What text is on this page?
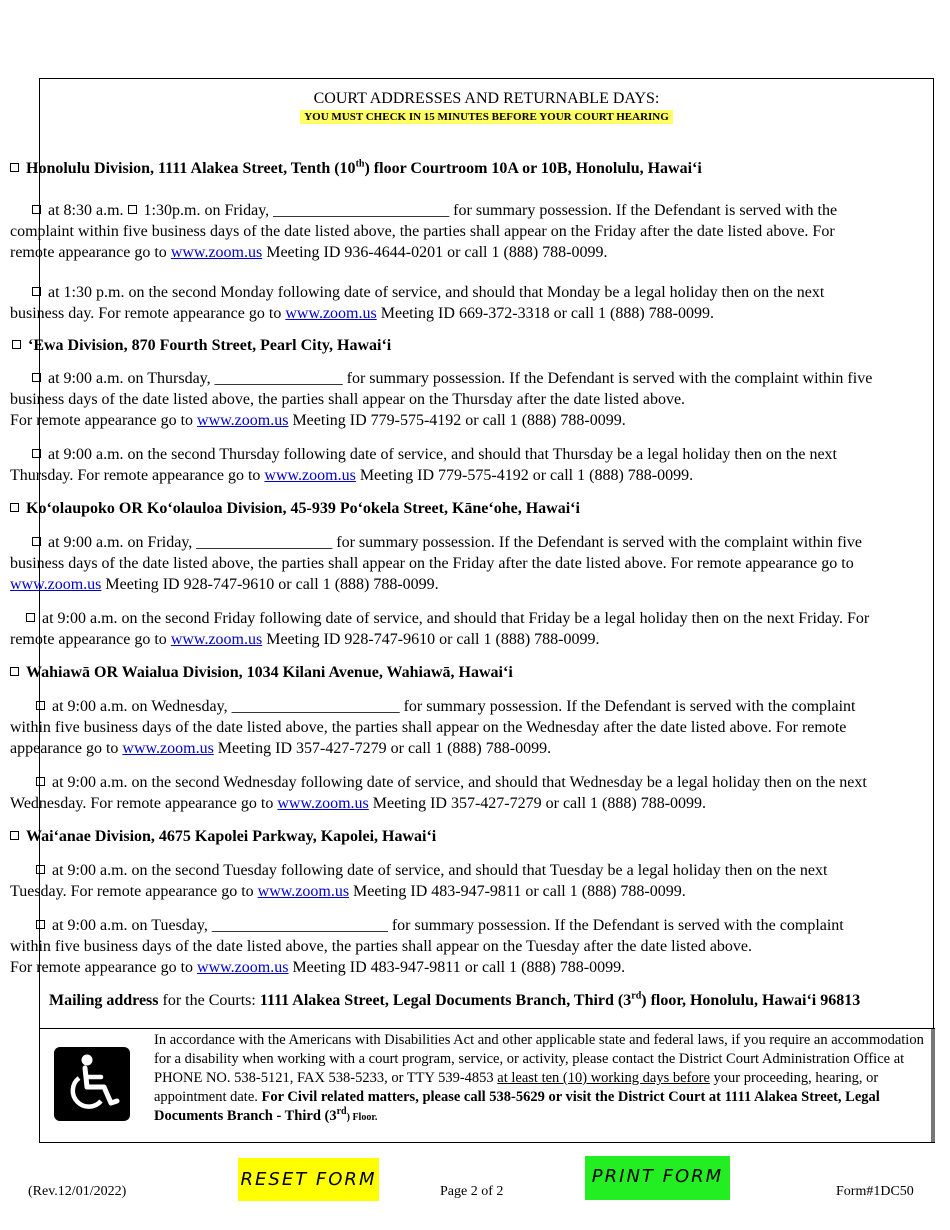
COURT ADDRESSES AND RETURNABLE DAYS:
YOU MUST CHECK IN 15 MINUTES BEFORE YOUR COURT HEARING
Honolulu Division, 1111 Alakea Street, Tenth (10th) floor Courtroom 10A or 10B, Honolulu, Hawaiʻi
at 8:30 a.m. 1:30p.m. on Friday, ______________________ for summary possession. If the Defendant is served with the complaint within five business days of the date listed above, the parties shall appear on the Friday after the date listed above. For remote appearance go to www.zoom.us Meeting ID 936-4644-0201 or call 1 (888) 788-0099.
at 1:30 p.m. on the second Monday following date of service, and should that Monday be a legal holiday then on the next business day. For remote appearance go to www.zoom.us Meeting ID 669-372-3318 or call 1 (888) 788-0099.
ʻEwa Division, 870 Fourth Street, Pearl City, Hawaiʻi
at 9:00 a.m. on Thursday, ________________ for summary possession. If the Defendant is served with the complaint within five business days of the date listed above, the parties shall appear on the Thursday after the date listed above.
For remote appearance go to www.zoom.us Meeting ID 779-575-4192 or call 1 (888) 788-0099.
at 9:00 a.m. on the second Thursday following date of service, and should that Thursday be a legal holiday then on the next Thursday. For remote appearance go to www.zoom.us Meeting ID 779-575-4192 or call 1 (888) 788-0099.
Koʻolaupoko OR Koʻolauloa Division, 45-939 Poʻokela Street, Kāneʻohe, Hawaiʻi
at 9:00 a.m. on Friday, _________________ for summary possession. If the Defendant is served with the complaint within five business days of the date listed above, the parties shall appear on the Friday after the date listed above. For remote appearance go to www.zoom.us Meeting ID 928-747-9610 or call 1 (888) 788-0099.
at 9:00 a.m. on the second Friday following date of service, and should that Friday be a legal holiday then on the next Friday. For remote appearance go to www.zoom.us Meeting ID 928-747-9610 or call 1 (888) 788-0099.
Wahiawā OR Waialua Division, 1034 Kilani Avenue, Wahiawā, Hawaiʻi
at 9:00 a.m. on Wednesday, _____________________ for summary possession. If the Defendant is served with the complaint within five business days of the date listed above, the parties shall appear on the Wednesday after the date listed above. For remote appearance go to www.zoom.us Meeting ID 357-427-7279 or call 1 (888) 788-0099.
at 9:00 a.m. on the second Wednesday following date of service, and should that Wednesday be a legal holiday then on the next Wednesday. For remote appearance go to www.zoom.us Meeting ID 357-427-7279 or call 1 (888) 788-0099.
Waiʻanae Division, 4675 Kapolei Parkway, Kapolei, Hawaiʻi
at 9:00 a.m. on the second Tuesday following date of service, and should that Tuesday be a legal holiday then on the next Tuesday. For remote appearance go to www.zoom.us Meeting ID 483-947-9811 or call 1 (888) 788-0099.
at 9:00 a.m. on Tuesday, ______________________ for summary possession. If the Defendant is served with the complaint within five business days of the date listed above, the parties shall appear on the Tuesday after the date listed above.
For remote appearance go to www.zoom.us Meeting ID 483-947-9811 or call 1 (888) 788-0099.
Mailing address for the Courts: 1111 Alakea Street, Legal Documents Branch, Third (3rd) floor, Honolulu, Hawaiʻi 96813
In accordance with the Americans with Disabilities Act and other applicable state and federal laws, if you require an accommodation for a disability when working with a court program, service, or activity, please contact the District Court Administration Office at PHONE NO. 538-5121, FAX 538-5233, or TTY 539-4853 at least ten (10) working days before your proceeding, hearing, or appointment date. For Civil related matters, please call 538-5629 or visit the District Court at 1111 Alakea Street, Legal Documents Branch - Third (3rd) Floor.
(Rev.12/01/2022)
RESET FORM
Page 2 of 2
PRINT FORM
Form#1DC50
